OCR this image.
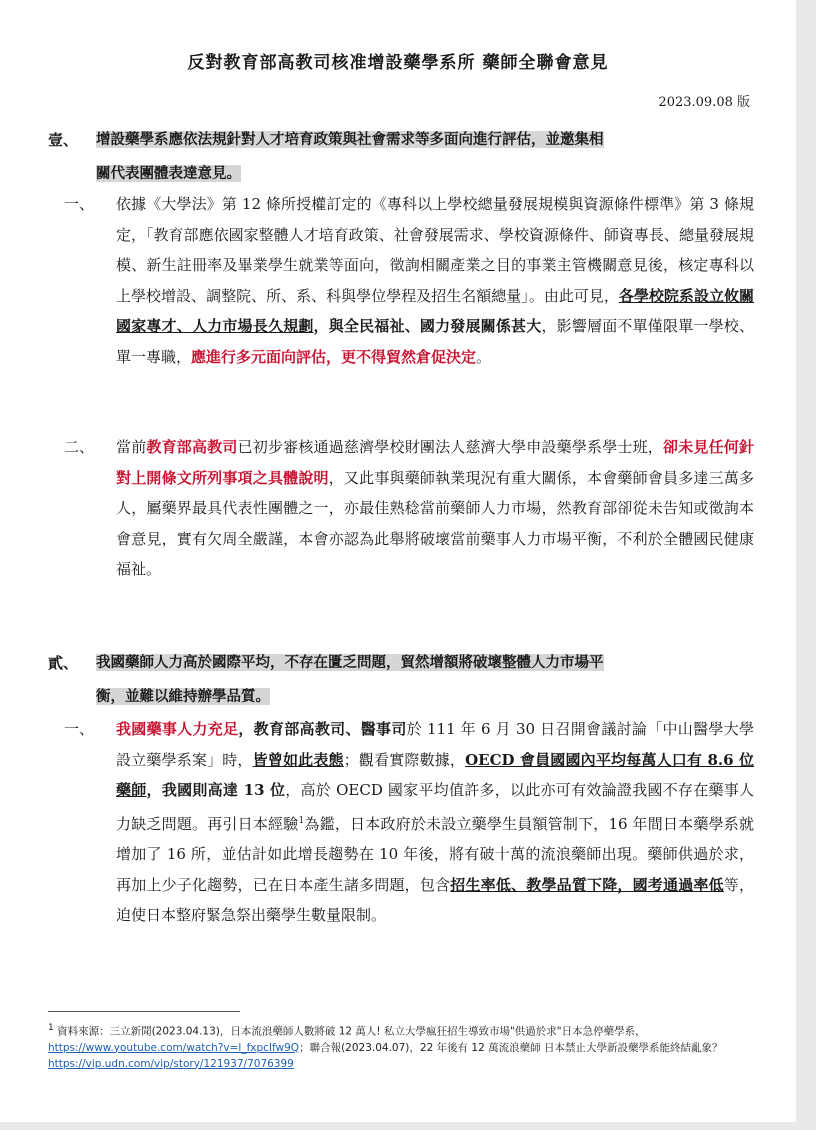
反對教育部高教司核准增設藥學系所 藥師全聯會意見
2023.09.08 版
壹、 增設藥學系應依法規針對人才培育政策與社會需求等多面向進行評估，並邀集相
關代表團體表達意見。
一、 依據《大學法》第 12 條所授權訂定的《專科以上學校總量發展規模與資源條件標準》第 3 條規定，「教育部應依國家整體人才培育政策、社會發展需求、學校資源條件、師資專長、總量發展規模、新生註冊率及畢業學生就業等面向，徵詢相關產業之目的事業主管機關意見後，核定專科以上學校增設、調整院、所、系、科與學位學程及招生名額總量」。由此可見，各學校院系設立攸關國家專才、人力市場長久規劃，與全民福祉、國力發展關係甚大，影響層面不單僅限單一學校、單一專職，應進行多元面向評估，更不得貿然倉促決定。
二、 當前教育部高教司已初步審核通過慈濟學校財團法人慈濟大學申設藥學系學士班，卻未見任何針對上開條文所列事項之具體說明，又此事與藥師執業現況有重大關係，本會藥師會員多達三萬多人，屬藥界最具代表性團體之一，亦最佳熟稔當前藥師人力市場，然教育部卻從未告知或徵詢本會意見，實有欠周全嚴謹，本會亦認為此舉將破壞當前藥事人力市場平衡，不利於全體國民健康福祉。
貳、 我國藥師人力高於國際平均，不存在匱乏問題，貿然增額將破壞整體人力市場平
衡，並難以維持辦學品質。
一、 我國藥事人力充足，教育部高教司、醫事司於 111 年 6 月 30 日召開會議討論「中山醫學大學設立藥學系案」時，皆曾如此表態；觀看實際數據，OECD 會員國國內平均每萬人口有 8.6 位藥師，我國則高達 13 位，高於 OECD 國家平均值許多，以此亦可有效論證我國不存在藥事人力缺乏問題。再引日本經驗$^1$為鑑，日本政府於未設立藥學生員額管制下，16 年間日本藥學系就增加了 16 所，並估計如此增長趨勢在 10 年後，將有破十萬的流浪藥師出現。藥師供過於求，再加上少子化趨勢，已在日本產生諸多問題，包含招生率低、教學品質下降，國考通過率低等，迫使日本整府緊急祭出藥學生數量限制。
$^1$ 資料來源：三立新聞(2023.04.13)，日本流浪藥師人數將破 12 萬人! 私立大學瘋狂招生導致市場"供過於求"日本急停藥學系， https://www.youtube.com/watch?v=l_fxpcIfw9Q；聯合報(2023.04.07)，22 年後有 12 萬流浪藥師 日本禁止大學新設藥學系能終結亂象？https://vip.udn.com/vip/story/121937/7076399
